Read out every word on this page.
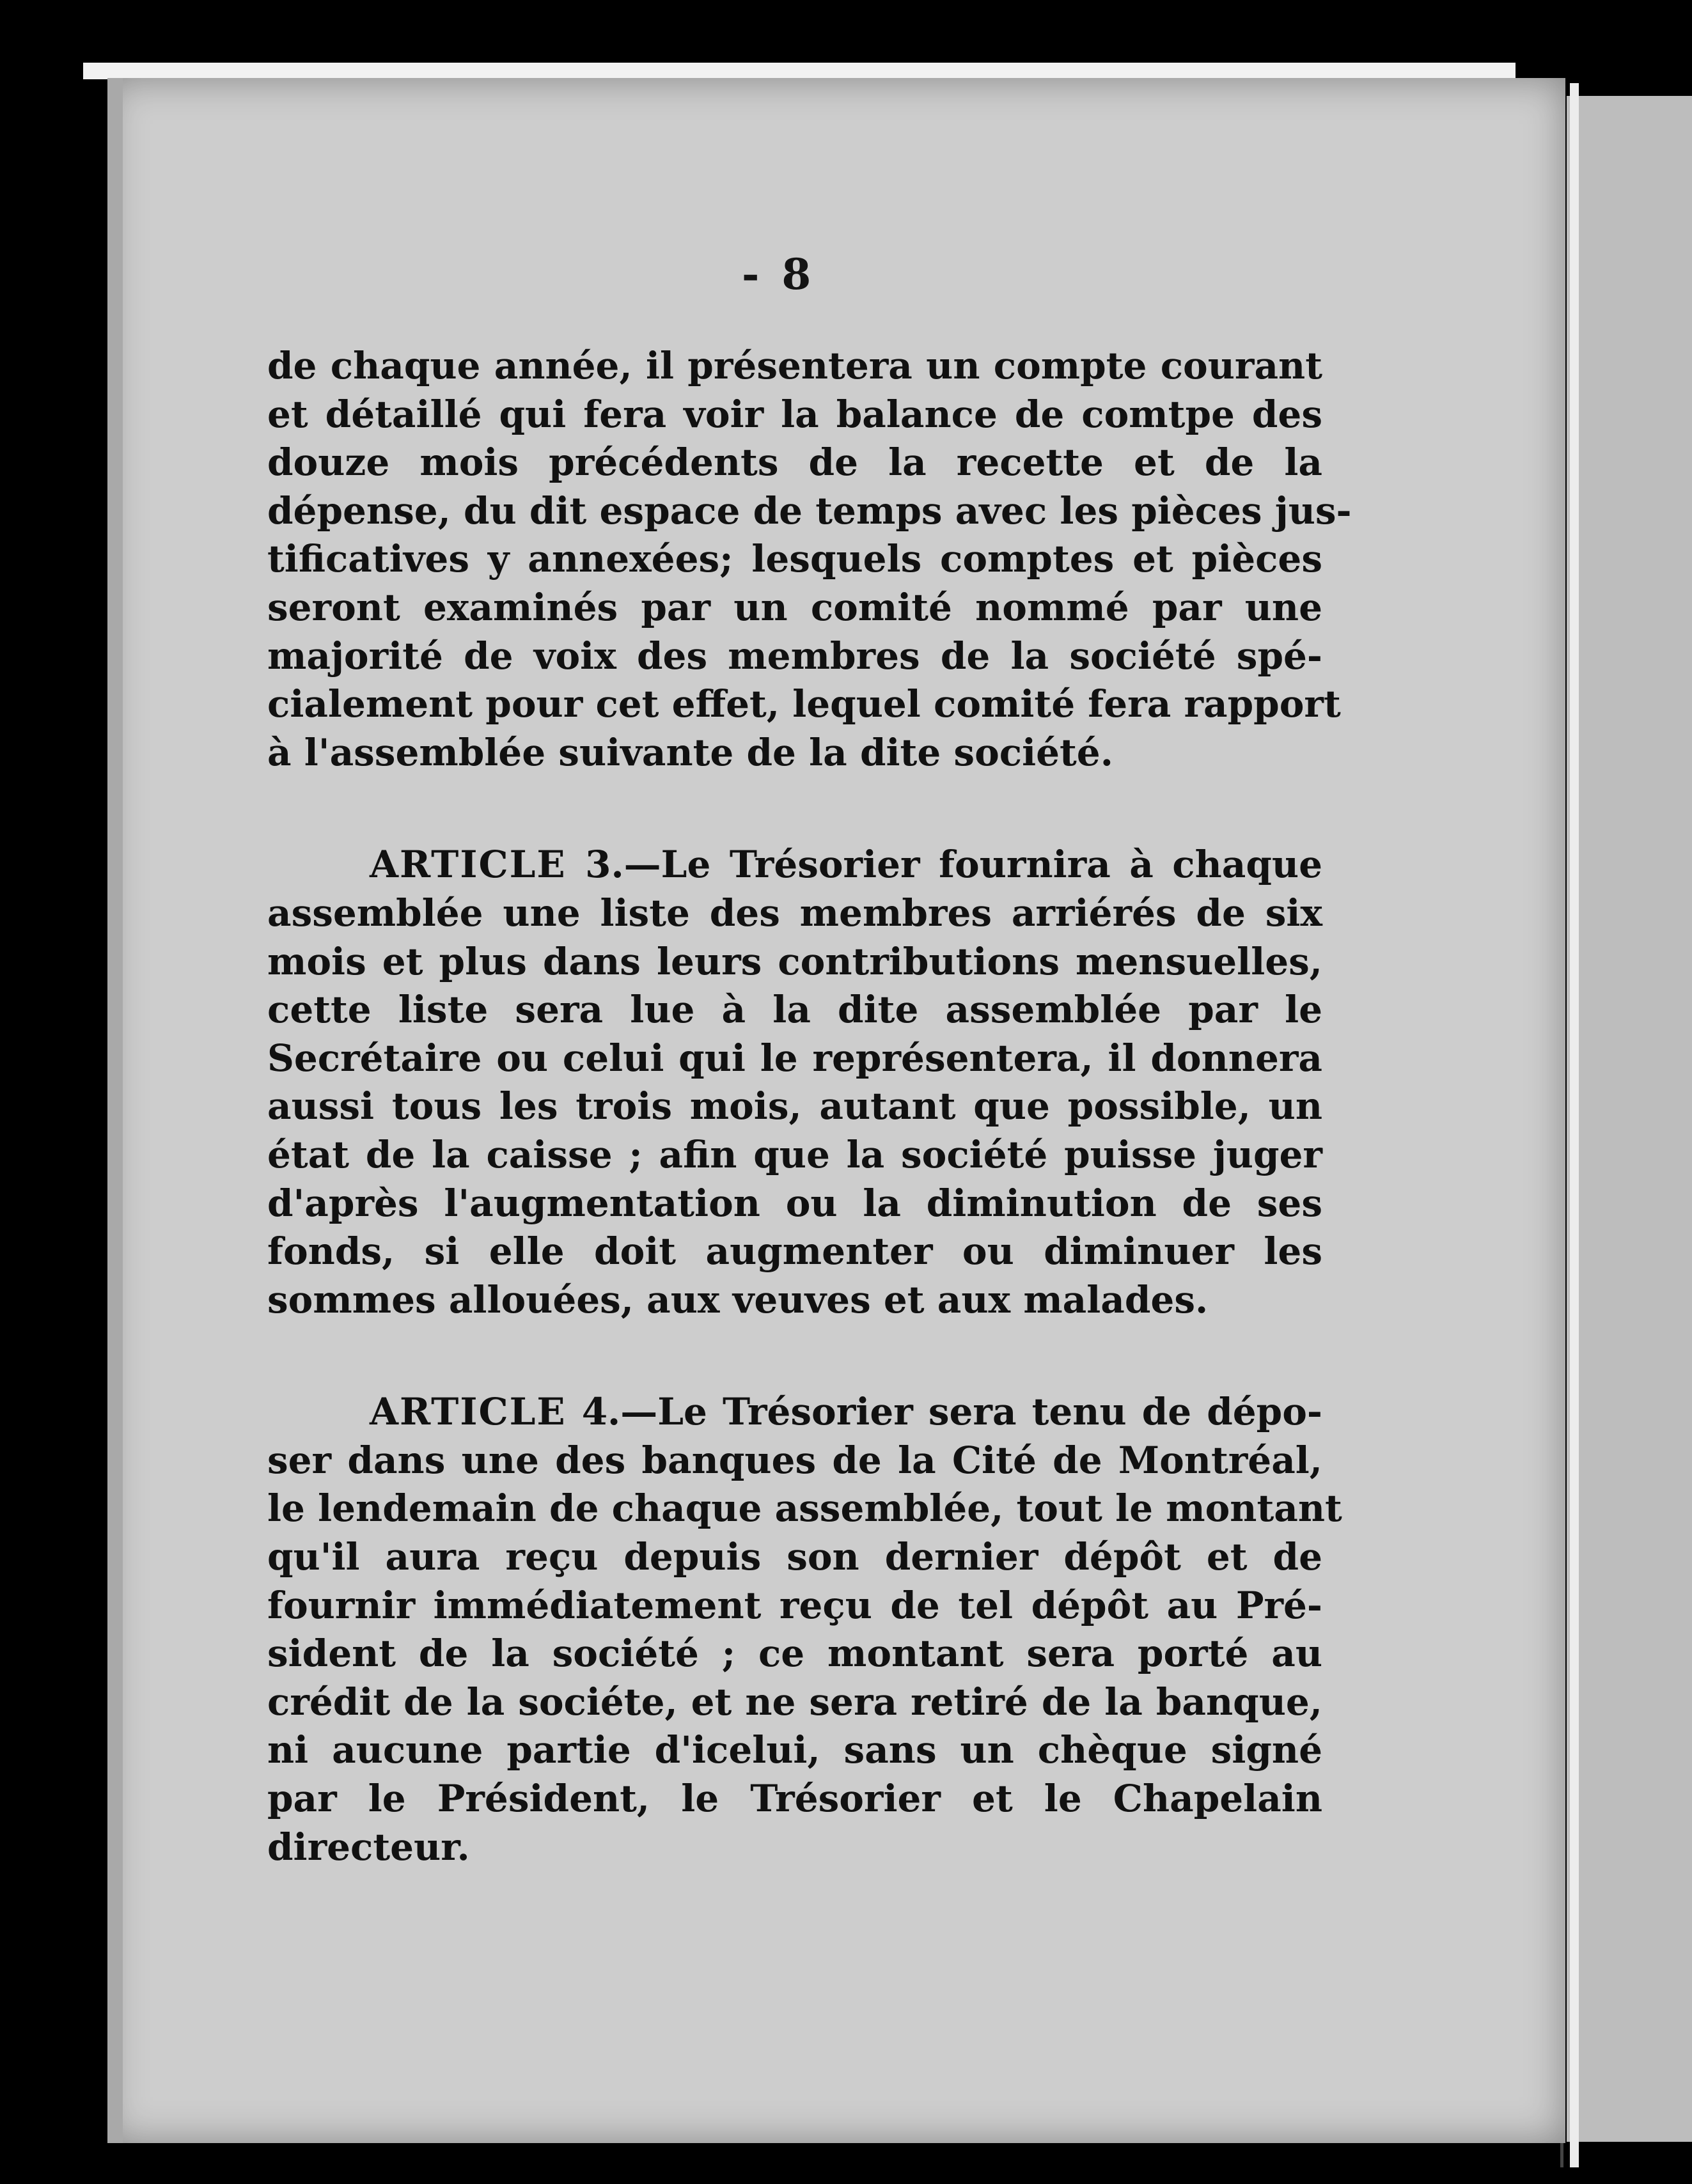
- 8
de chaque année, il présentera un compte courant
et détaillé qui fera voir la balance de comtpe des
douze mois précédents de la recette et de la
dépense, du dit espace de temps avec les pièces jus-
tificatives y annexées; lesquels comptes et pièces
seront examinés par un comité nommé par une
majorité de voix des membres de la société spé-
cialement pour cet effet, lequel comité fera rapport
à l'assemblée suivante de la dite société.
ARTICLE 3.—Le Trésorier fournira à chaque
assemblée une liste des membres arriérés de six
mois et plus dans leurs contributions mensuelles,
cette liste sera lue à la dite assemblée par le
Secrétaire ou celui qui le représentera, il donnera
aussi tous les trois mois, autant que possible, un
état de la caisse ; afin que la société puisse juger
d'après l'augmentation ou la diminution de ses
fonds, si elle doit augmenter ou diminuer les
sommes allouées, aux veuves et aux malades.
ARTICLE 4.—Le Trésorier sera tenu de dépo-
ser dans une des banques de la Cité de Montréal,
le lendemain de chaque assemblée, tout le montant
qu'il aura reçu depuis son dernier dépôt et de
fournir immédiatement reçu de tel dépôt au Pré-
sident de la société ; ce montant sera porté au
crédit de la sociéte, et ne sera retiré de la banque,
ni aucune partie d'icelui, sans un chèque signé
par le Président, le Trésorier et le Chapelain
directeur.
